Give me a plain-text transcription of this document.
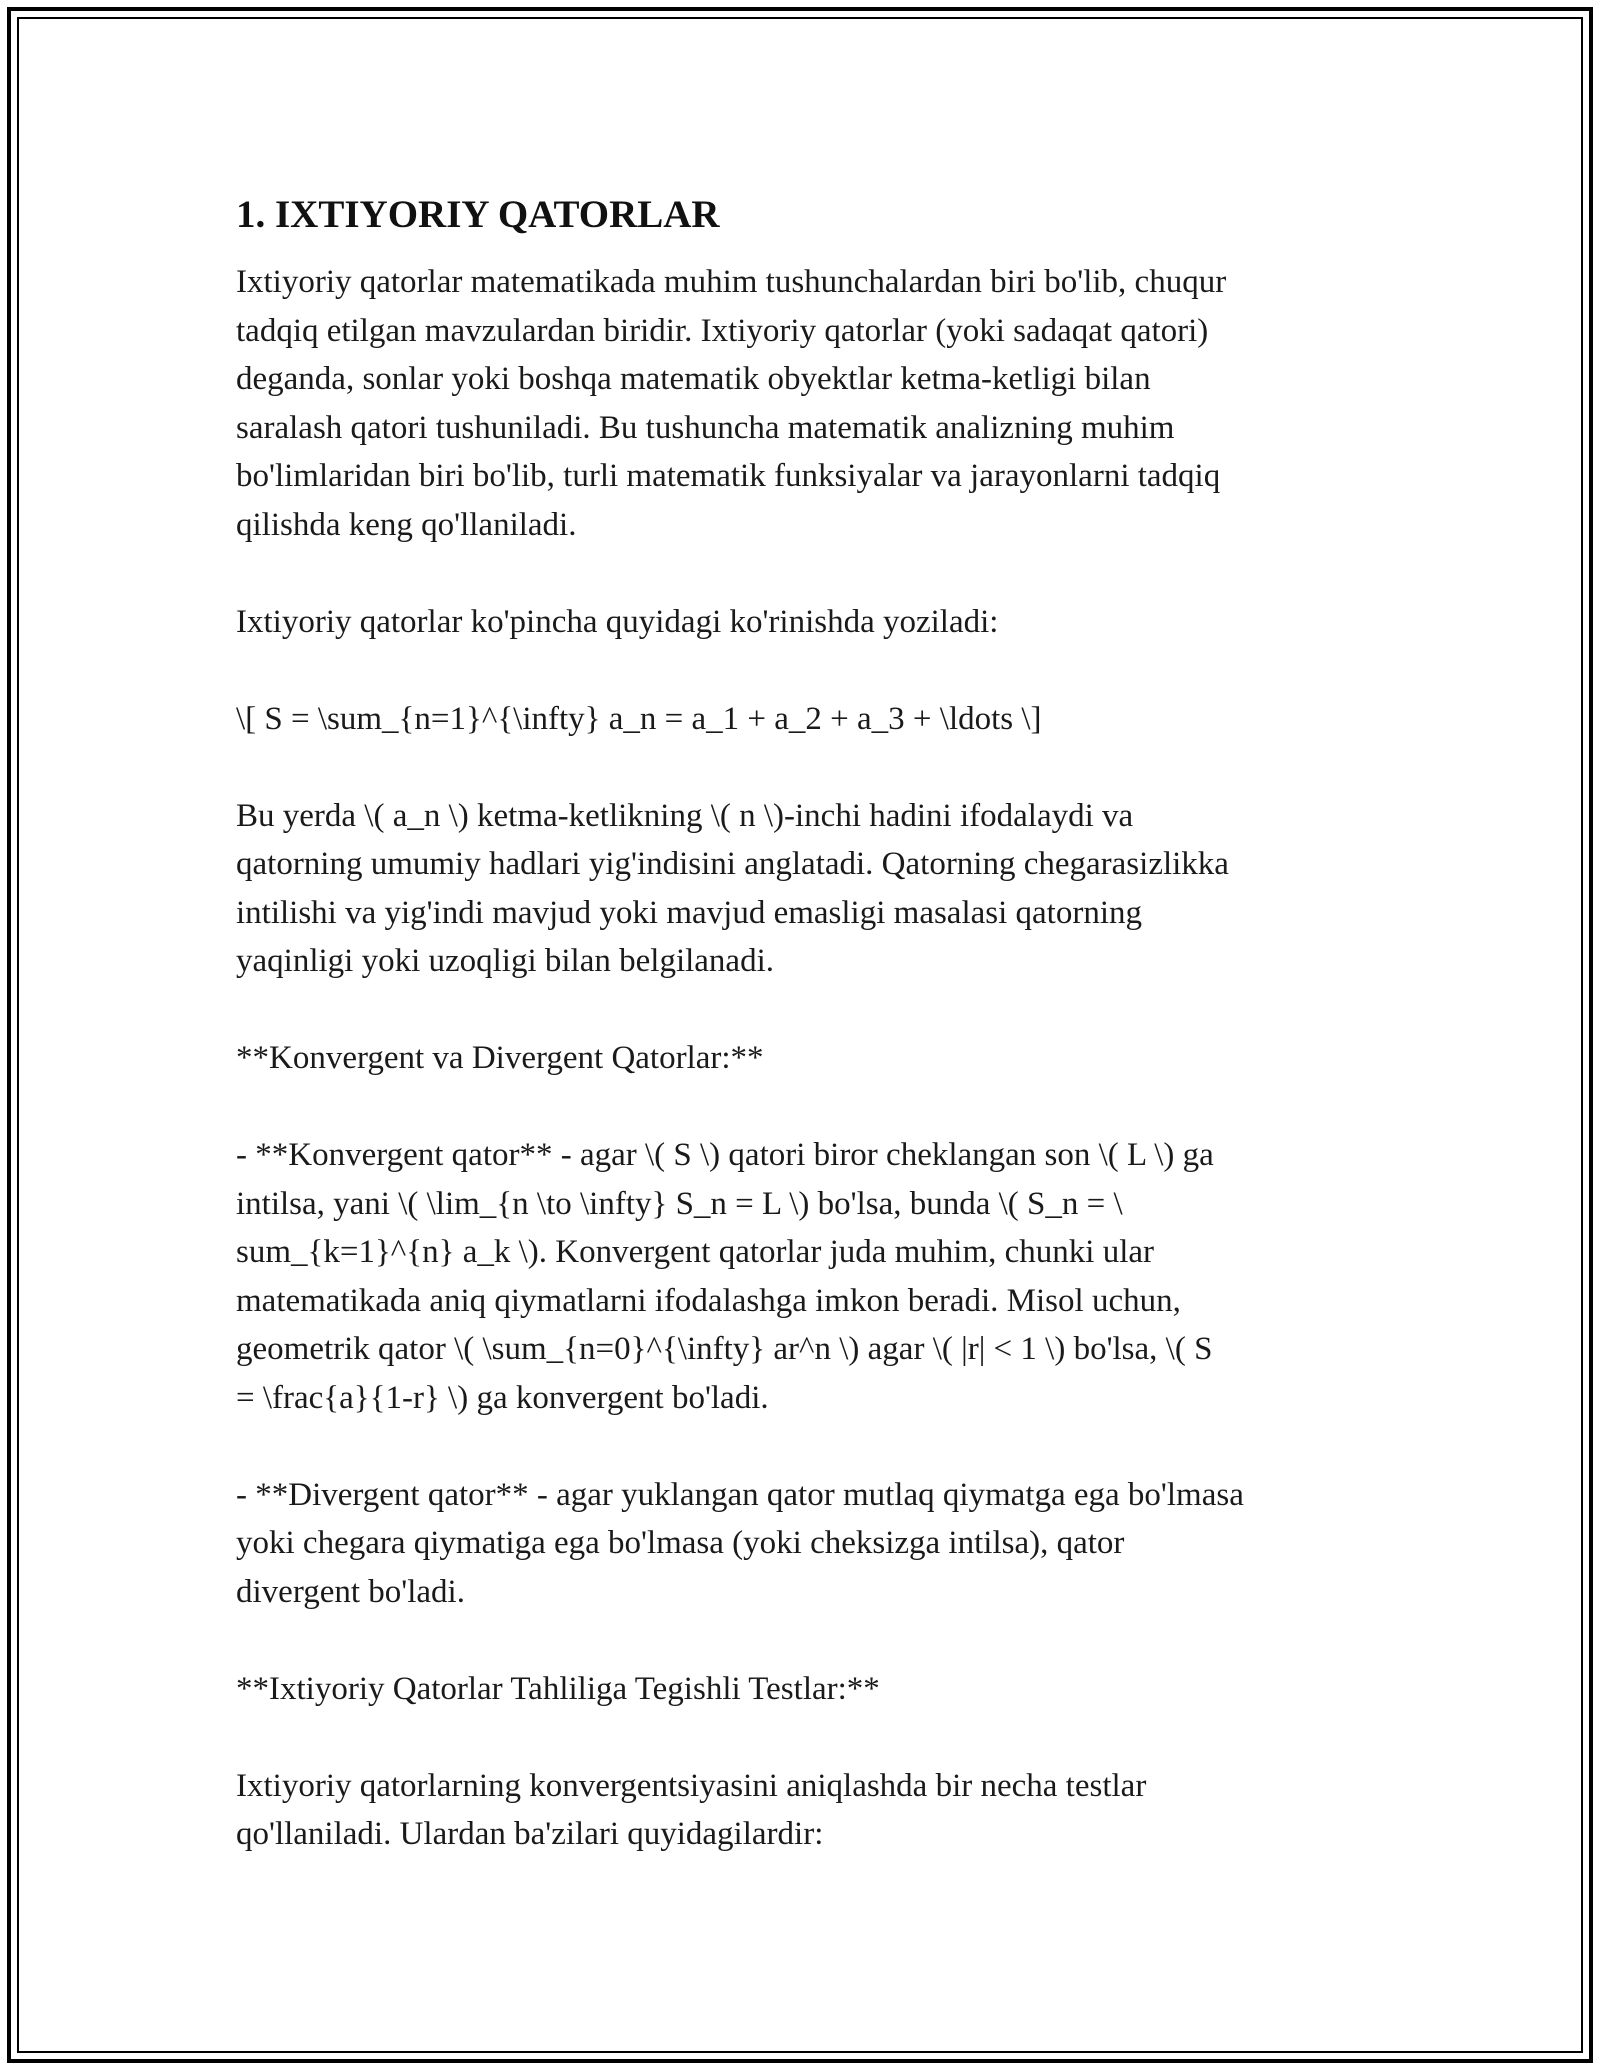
1. IXTIYORIY QATORLAR

Ixtiyoriy qatorlar matematikada muhim tushunchalardan biri bo'lib, chuqur
tadqiq etilgan mavzulardan biridir. Ixtiyoriy qatorlar (yoki sadaqat qatori)
deganda, sonlar yoki boshqa matematik obyektlar ketma-ketligi bilan
saralash qatori tushuniladi. Bu tushuncha matematik analizning muhim
bo'limlaridan biri bo'lib, turli matematik funksiyalar va jarayonlarni tadqiq
qilishda keng qo'llaniladi.

Ixtiyoriy qatorlar ko'pincha quyidagi ko'rinishda yoziladi:

\[ S = \sum_{n=1}^{\infty} a_n = a_1 + a_2 + a_3 + \ldots \]

Bu yerda \( a_n \) ketma-ketlikning \( n \)-inchi hadini ifodalaydi va
qatorning umumiy hadlari yig'indisini anglatadi. Qatorning chegarasizlikka
intilishi va yig'indi mavjud yoki mavjud emasligi masalasi qatorning
yaqinligi yoki uzoqligi bilan belgilanadi.

**Konvergent va Divergent Qatorlar:**

- **Konvergent qator** - agar \( S \) qatori biror cheklangan son \( L \) ga
intilsa, yani \( \lim_{n \to \infty} S_n = L \) bo'lsa, bunda \( S_n = \
sum_{k=1}^{n} a_k \). Konvergent qatorlar juda muhim, chunki ular
matematikada aniq qiymatlarni ifodalashga imkon beradi. Misol uchun,
geometrik qator \( \sum_{n=0}^{\infty} ar^n \) agar \( |r| < 1 \) bo'lsa, \( S
= \frac{a}{1-r} \) ga konvergent bo'ladi.

- **Divergent qator** - agar yuklangan qator mutlaq qiymatga ega bo'lmasa
yoki chegara qiymatiga ega bo'lmasa (yoki cheksizga intilsa), qator
divergent bo'ladi.

**Ixtiyoriy Qatorlar Tahliliga Tegishli Testlar:**

Ixtiyoriy qatorlarning konvergentsiyasini aniqlashda bir necha testlar
qo'llaniladi. Ulardan ba'zilari quyidagilardir:
